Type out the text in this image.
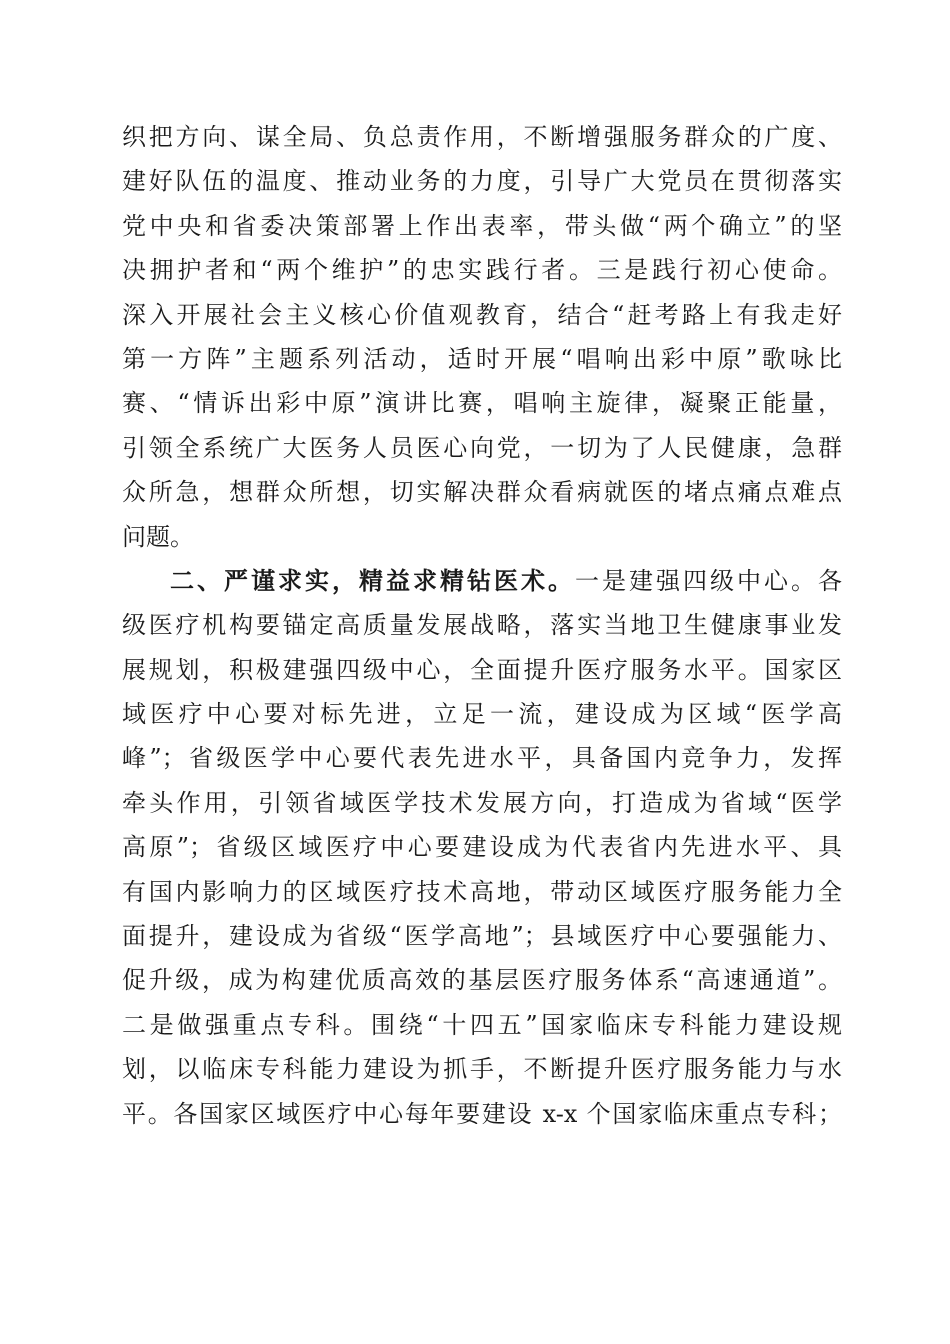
织把方向、谋全局、负总责作用，不断增强服务群众的广度、
建好队伍的温度、推动业务的力度，引导广大党员在贯彻落实
党中央和省委决策部署上作出表率，带头做“两个确立”的坚
决拥护者和“两个维护”的忠实践行者。三是践行初心使命。
深入开展社会主义核心价值观教育，结合“赶考路上有我走好
第一方阵”主题系列活动，适时开展“唱响出彩中原”歌咏比
赛、“情诉出彩中原”演讲比赛，唱响主旋律，凝聚正能量，
引领全系统广大医务人员医心向党，一切为了人民健康，急群
众所急，想群众所想，切实解决群众看病就医的堵点痛点难点
问题。
二、严谨求实，精益求精钻医术。一是建强四级中心。各
级医疗机构要锚定高质量发展战略，落实当地卫生健康事业发
展规划，积极建强四级中心，全面提升医疗服务水平。国家区
域医疗中心要对标先进，立足一流，建设成为区域“医学高
峰”；省级医学中心要代表先进水平，具备国内竞争力，发挥
牵头作用，引领省域医学技术发展方向，打造成为省域“医学
高原”；省级区域医疗中心要建设成为代表省内先进水平、具
有国内影响力的区域医疗技术高地，带动区域医疗服务能力全
面提升，建设成为省级“医学高地”；县域医疗中心要强能力、
促升级，成为构建优质高效的基层医疗服务体系“高速通道”。
二是做强重点专科。围绕“十四五”国家临床专科能力建设规
划，以临床专科能力建设为抓手，不断提升医疗服务能力与水
平。各国家区域医疗中心每年要建设 x-x 个国家临床重点专科；
